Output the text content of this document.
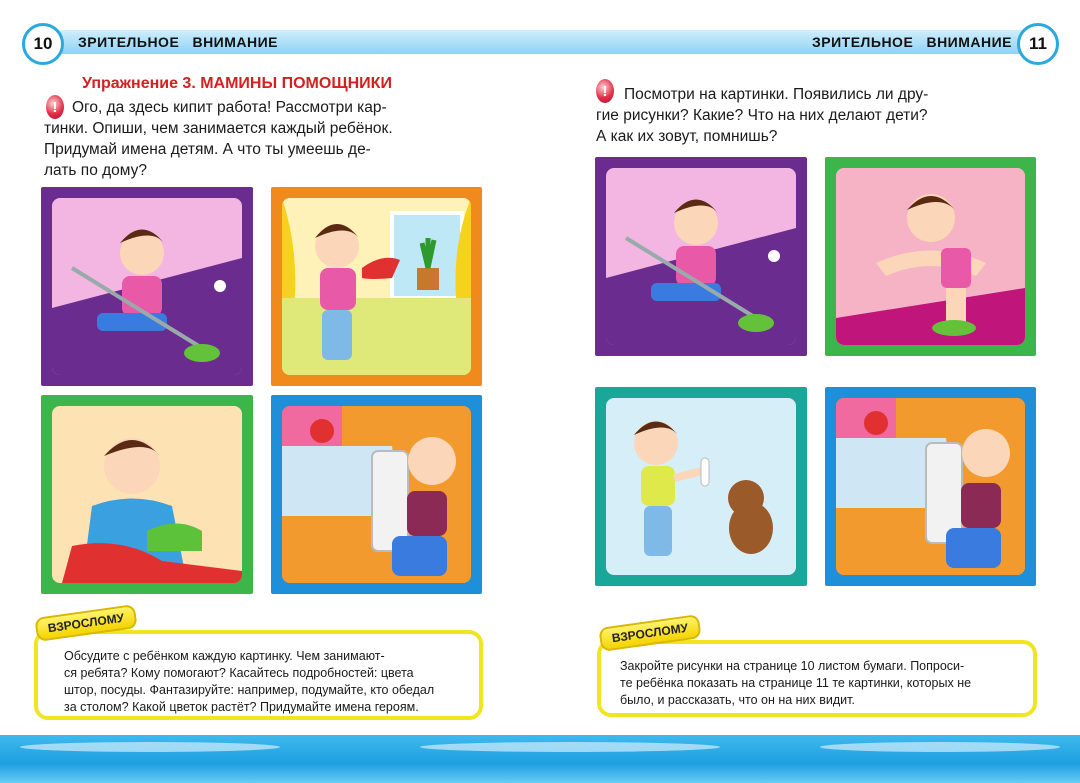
10	11
ЗРИТЕЛЬНОЕ   ВНИМАНИЕ	ЗРИТЕЛЬНОЕ   ВНИМАНИЕ
Упражнение 3. МАМИНЫ ПОМОЩНИКИ
! Ого, да здесь кипит работа! Рассмотри кар-
тинки. Опиши, чем занимается каждый ребёнок.
Придумай имена детям. А что ты умеешь де-
лать по дому?
ВЗРОСЛОМУ
Обсудите с ребёнком каждую картинку. Чем занимают-
ся ребята? Кому помогают? Касайтесь подробностей: цвета
штор, посуды. Фантазируйте: например, подумайте, кто обедал
за столом? Какой цветок растёт? Придумайте имена героям.
!	Посмотри на картинки. Появились ли дру-
гие рисунки? Какие? Что на них делают дети?
А как их зовут, помнишь?
ВЗРОСЛОМУ
Закройте рисунки на странице 10 листом бумаги. Попроси-
те ребёнка показать на странице 11 те картинки, которых не
было, и рассказать, что он на них видит.
